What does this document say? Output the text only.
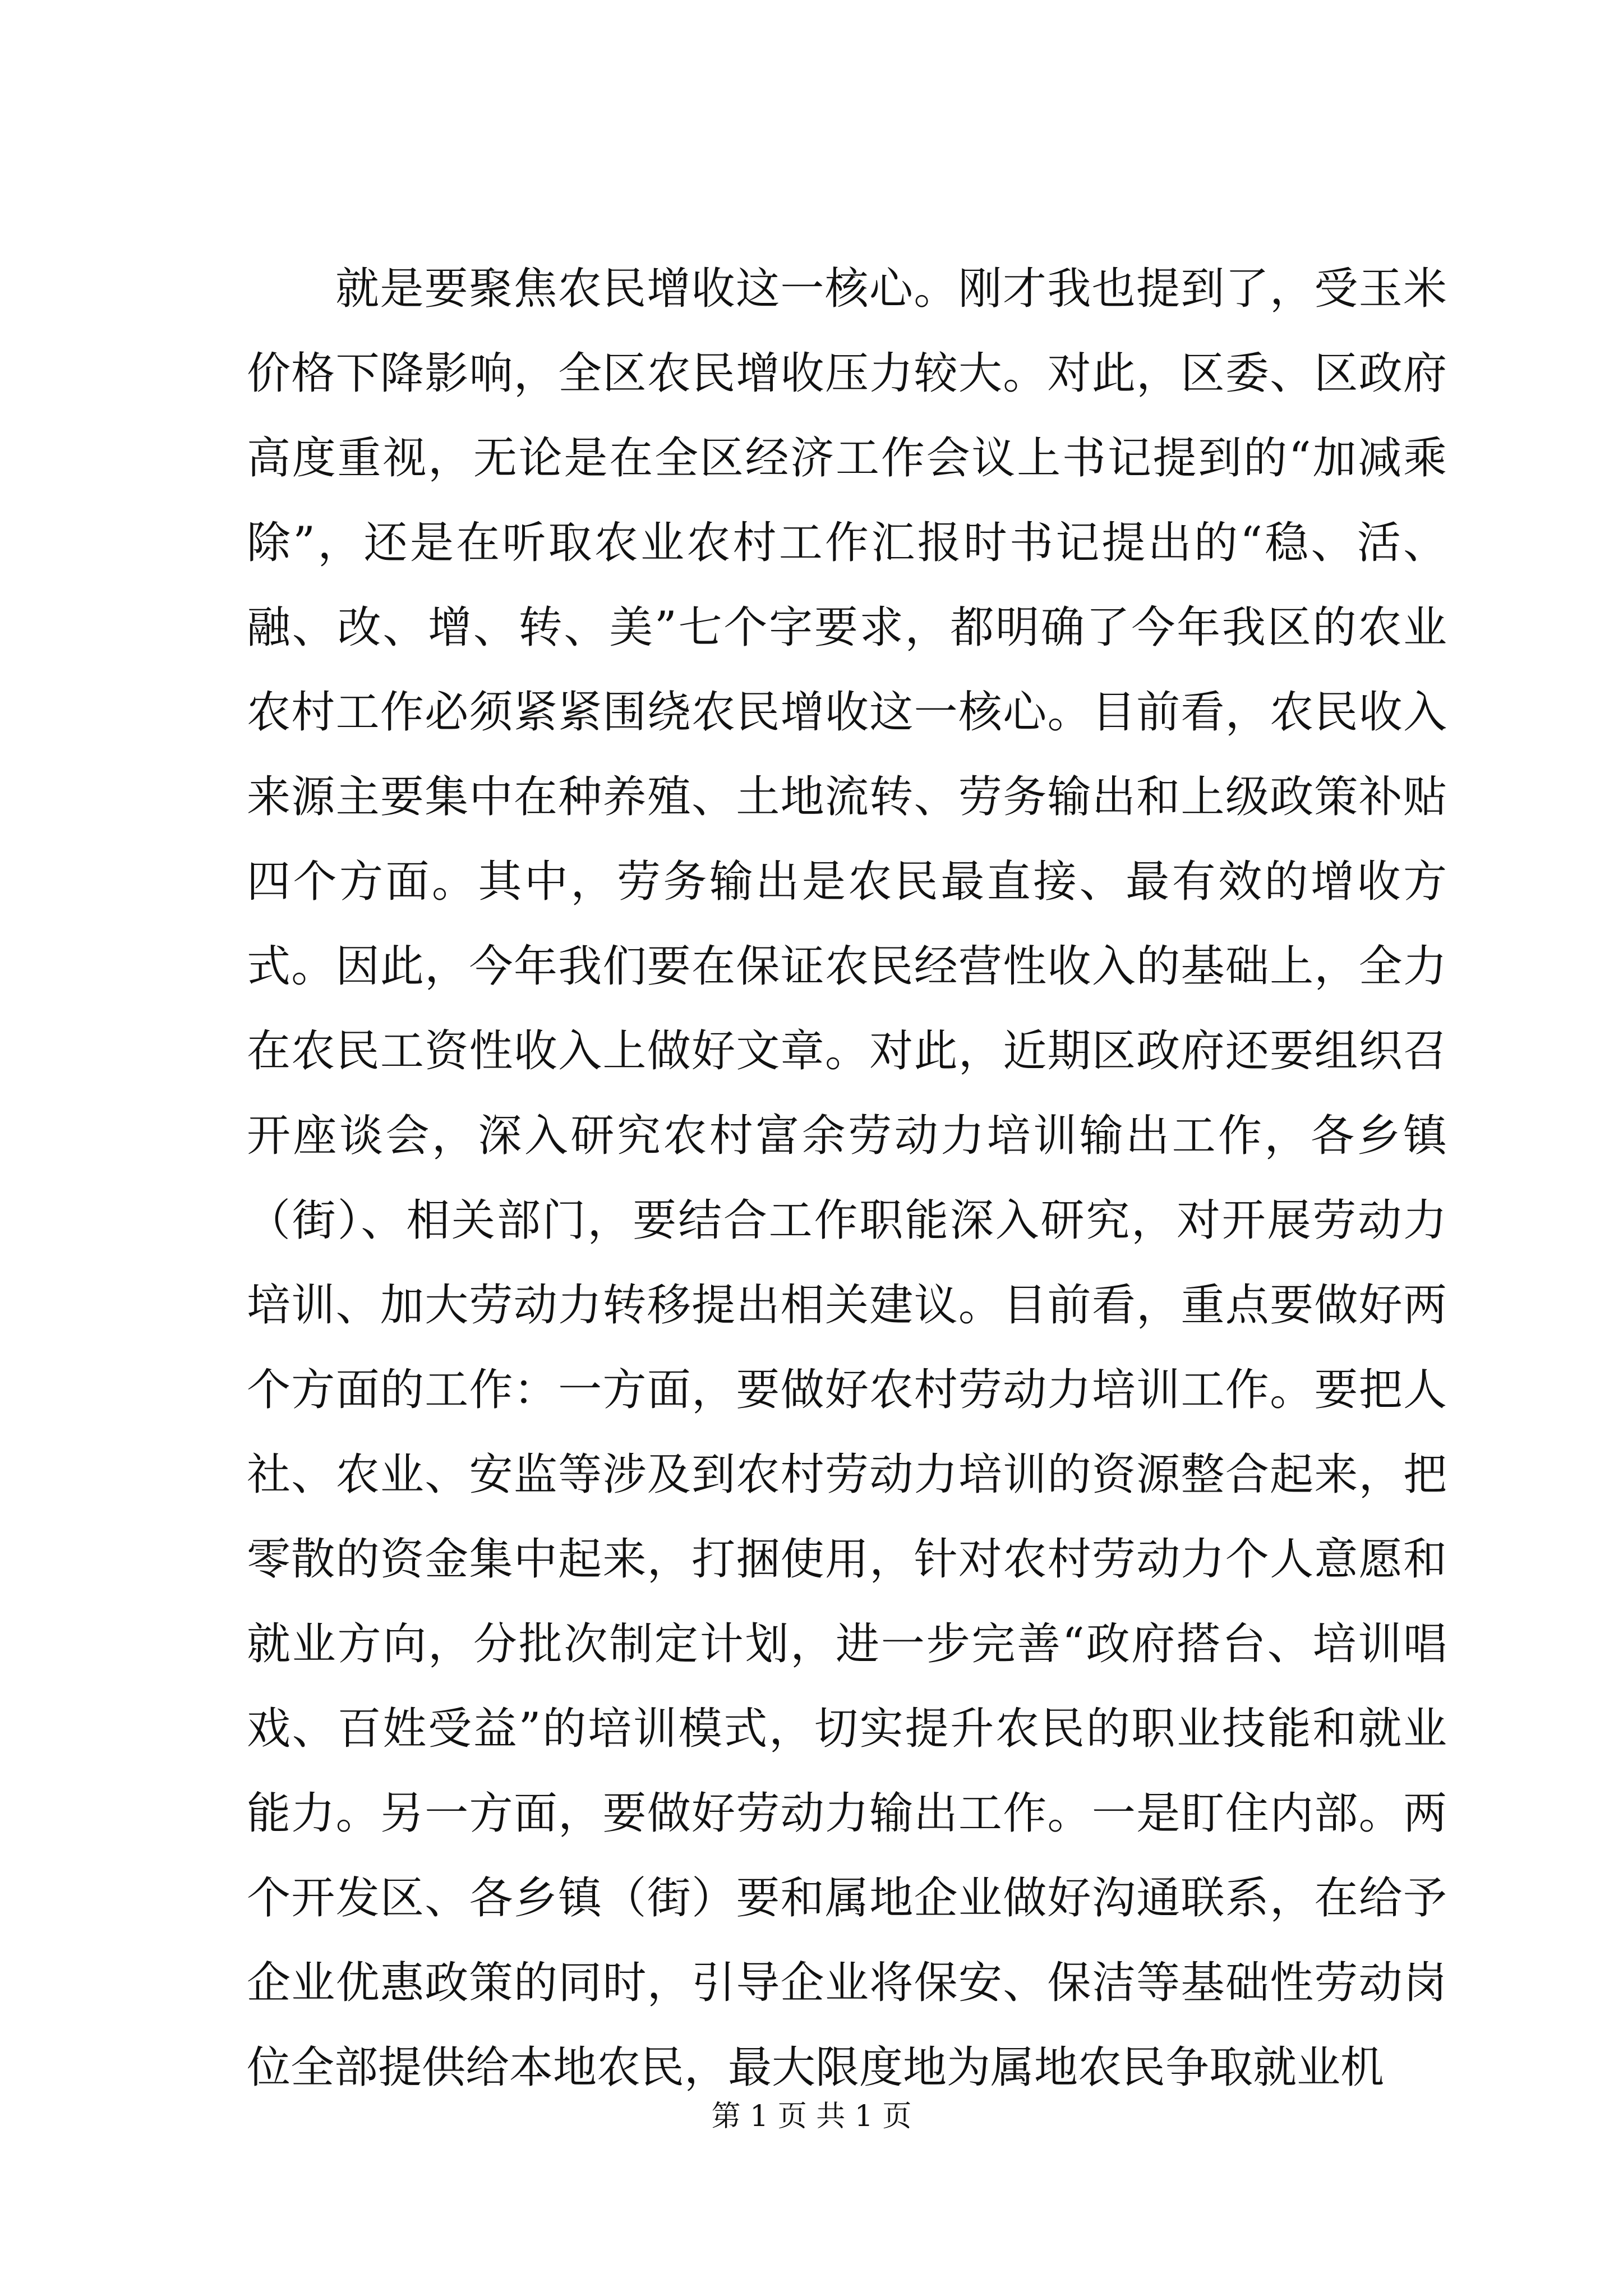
就是要聚焦农民增收这一核心。刚才我也提到了，受玉米价格下降影响，全区农民增收压力较大。对此，区委、区政府高度重视，无论是在全区经济工作会议上书记提到的“加减乘除”，还是在听取农业农村工作汇报时书记提出的“稳、活、融、改、增、转、美”七个字要求，都明确了今年我区的农业农村工作必须紧紧围绕农民增收这一核心。目前看，农民收入来源主要集中在种养殖、土地流转、劳务输出和上级政策补贴四个方面。其中，劳务输出是农民最直接、最有效的增收方式。因此，今年我们要在保证农民经营性收入的基础上，全力在农民工资性收入上做好文章。对此，近期区政府还要组织召开座谈会，深入研究农村富余劳动力培训输出工作，各乡镇（街）、相关部门，要结合工作职能深入研究，对开展劳动力培训、加大劳动力转移提出相关建议。目前看，重点要做好两个方面的工作：一方面，要做好农村劳动力培训工作。要把人社、农业、安监等涉及到农村劳动力培训的资源整合起来，把零散的资金集中起来，打捆使用，针对农村劳动力个人意愿和就业方向，分批次制定计划，进一步完善“政府搭台、培训唱戏、百姓受益”的培训模式，切实提升农民的职业技能和就业能力。另一方面，要做好劳动力输出工作。一是盯住内部。两个开发区、各乡镇（街）要和属地企业做好沟通联系，在给予企业优惠政策的同时，引导企业将保安、保洁等基础性劳动岗位全部提供给本地农民，最大限度地为属地农民争取就业机

第 1 页 共 1 页
